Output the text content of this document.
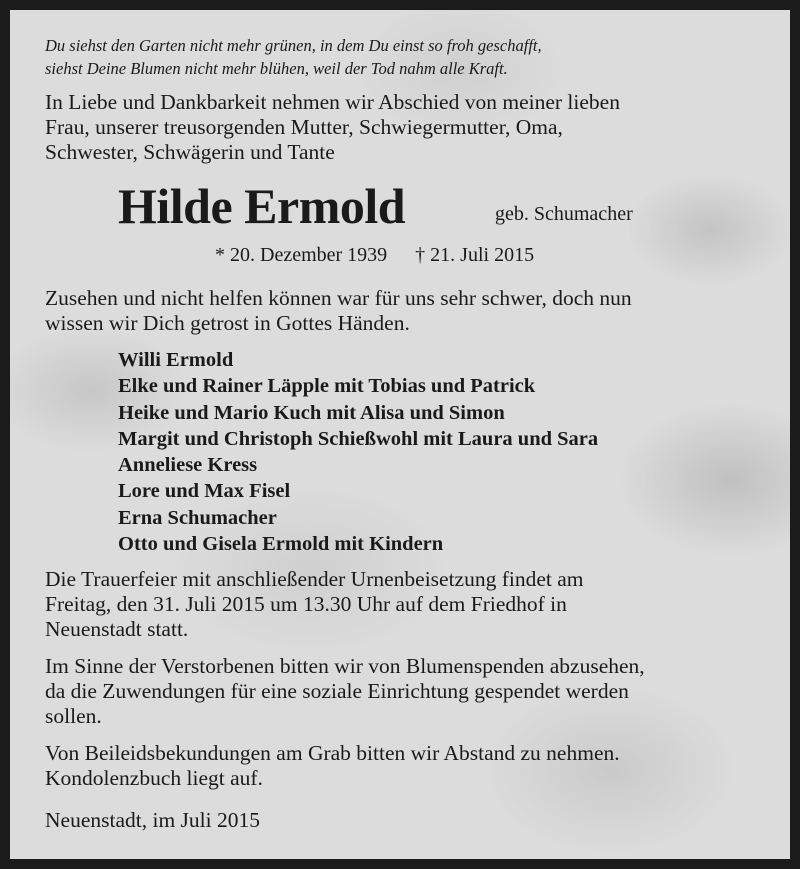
Du siehst den Garten nicht mehr grünen, in dem Du einst so froh geschafft,
siehst Deine Blumen nicht mehr blühen, weil der Tod nahm alle Kraft.
In Liebe und Dankbarkeit nehmen wir Abschied von meiner lieben
Frau, unserer treusorgenden Mutter, Schwiegermutter, Oma,
Schwester, Schwägerin und Tante
Hilde Ermold	geb. Schumacher
* 20. Dezember 1939 † 21. Juli 2015
Zusehen und nicht helfen können war für uns sehr schwer, doch nun
wissen wir Dich getrost in Gottes Händen.
Willi Ermold
Elke und Rainer Läpple mit Tobias und Patrick
Heike und Mario Kuch mit Alisa und Simon
Margit und Christoph Schießwohl mit Laura und Sara
Anneliese Kress
Lore und Max Fisel
Erna Schumacher
Otto und Gisela Ermold mit Kindern
Die Trauerfeier mit anschließender Urnenbeisetzung findet am
Freitag, den 31. Juli 2015 um 13.30 Uhr auf dem Friedhof in
Neuenstadt statt.
Im Sinne der Verstorbenen bitten wir von Blumenspenden abzusehen,
da die Zuwendungen für eine soziale Einrichtung gespendet werden
sollen.
Von Beileidsbekundungen am Grab bitten wir Abstand zu nehmen.
Kondolenzbuch liegt auf.
Neuenstadt, im Juli 2015
